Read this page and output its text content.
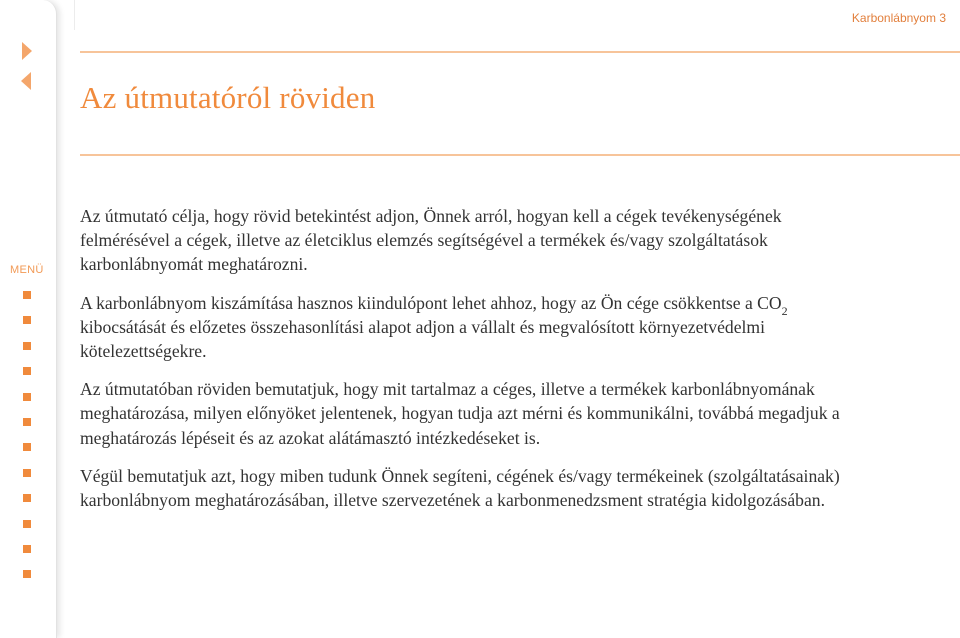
MENÜ
Karbonlábnyom 3
Az útmutatóról röviden

Az útmutató célja, hogy rövid betekintést adjon, Önnek arról, hogyan kell a cégek tevékenységének felmérésével a cégek, illetve az életciklus elemzés segítségével a termékek és/vagy szolgáltatások karbonlábnyomát meghatározni.

A karbonlábnyom kiszámítása hasznos kiindulópont lehet ahhoz, hogy az Ön cége csökkentse a $CO_2$ kibocsátását és előzetes összehasonlítási alapot adjon a vállalt és megvalósított környezetvédelmi kötelezettségekre.

Az útmutatóban röviden bemutatjuk, hogy mit tartalmaz a céges, illetve a termékek karbonlábnyomának meghatározása, milyen előnyöket jelentenek, hogyan tudja azt mérni és kommunikálni, továbbá megadjuk a meghatározás lépéseit és az azokat alátámasztó intézkedéseket is.

Végül bemutatjuk azt, hogy miben tudunk Önnek segíteni, cégének és/vagy termékeinek (szolgáltatásainak) karbonlábnyom meghatározásában, illetve szervezetének a karbonmenedzsment stratégia kidolgozásában.
